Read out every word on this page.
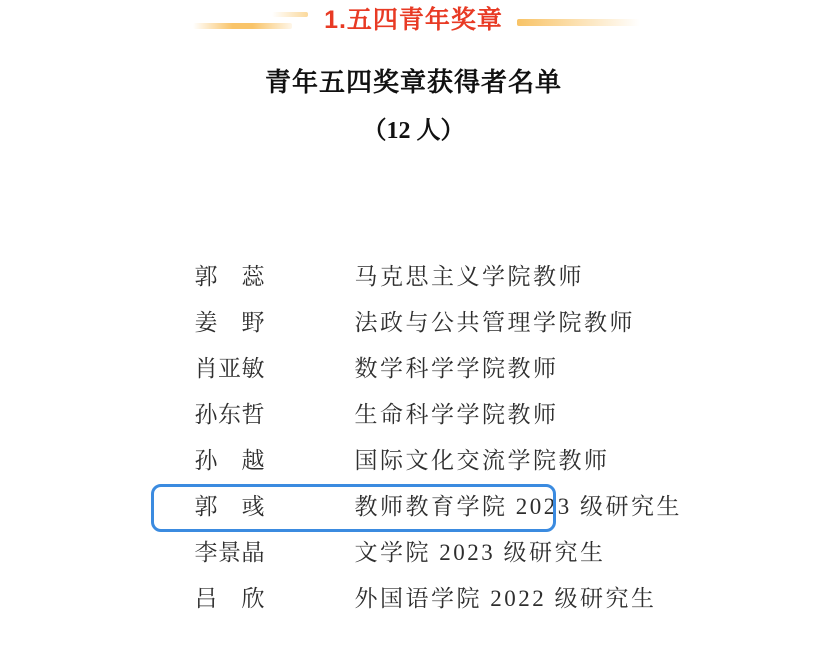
1.五四青年奖章
青年五四奖章获得者名单
（12 人）

郭　蕊	马克思主义学院教师

姜　野	法政与公共管理学院教师

肖亚敏	数学科学学院教师

孙东哲	生命科学学院教师

孙　越	国际文化交流学院教师

郭　彧	教师教育学院 2023 级研究生

李景晶	文学院 2023 级研究生

吕　欣	外国语学院 2022 级研究生
